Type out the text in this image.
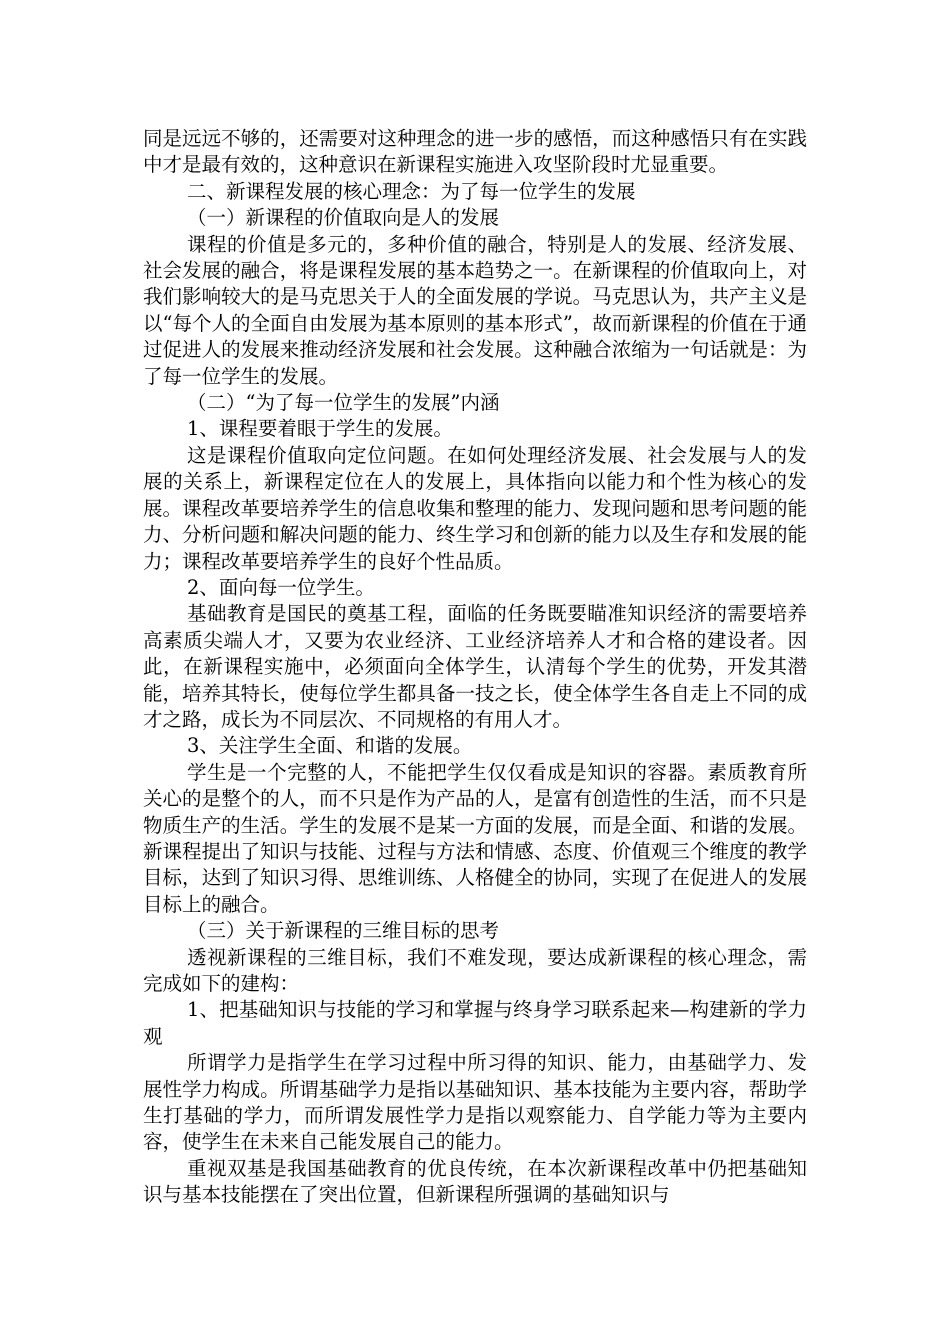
同是远远不够的，还需要对这种理念的进一步的感悟，而这种感悟只有在实践中才是最有效的，这种意识在新课程实施进入攻坚阶段时尤显重要。

二、新课程发展的核心理念：为了每一位学生的发展

（一）新课程的价值取向是人的发展

课程的价值是多元的，多种价值的融合，特别是人的发展、经济发展、社会发展的融合，将是课程发展的基本趋势之一。在新课程的价值取向上，对我们影响较大的是马克思关于人的全面发展的学说。马克思认为，共产主义是以“每个人的全面自由发展为基本原则的基本形式”，故而新课程的价值在于通过促进人的发展来推动经济发展和社会发展。这种融合浓缩为一句话就是：为了每一位学生的发展。

（二）“为了每一位学生的发展”内涵

1、课程要着眼于学生的发展。

这是课程价值取向定位问题。在如何处理经济发展、社会发展与人的发展的关系上，新课程定位在人的发展上，具体指向以能力和个性为核心的发展。课程改革要培养学生的信息收集和整理的能力、发现问题和思考问题的能力、分析问题和解决问题的能力、终生学习和创新的能力以及生存和发展的能力；课程改革要培养学生的良好个性品质。

2、面向每一位学生。

基础教育是国民的奠基工程，面临的任务既要瞄准知识经济的需要培养高素质尖端人才，又要为农业经济、工业经济培养人才和合格的建设者。因此，在新课程实施中，必须面向全体学生，认清每个学生的优势，开发其潜能，培养其特长，使每位学生都具备一技之长，使全体学生各自走上不同的成才之路，成长为不同层次、不同规格的有用人才。

3、关注学生全面、和谐的发展。

学生是一个完整的人，不能把学生仅仅看成是知识的容器。素质教育所关心的是整个的人，而不只是作为产品的人，是富有创造性的生活，而不只是物质生产的生活。学生的发展不是某一方面的发展，而是全面、和谐的发展。新课程提出了知识与技能、过程与方法和情感、态度、价值观三个维度的教学目标，达到了知识习得、思维训练、人格健全的协同，实现了在促进人的发展目标上的融合。

（三）关于新课程的三维目标的思考

透视新课程的三维目标，我们不难发现，要达成新课程的核心理念，需完成如下的建构：

1、把基础知识与技能的学习和掌握与终身学习联系起来—构建新的学力观

所谓学力是指学生在学习过程中所习得的知识、能力，由基础学力、发展性学力构成。所谓基础学力是指以基础知识、基本技能为主要内容，帮助学生打基础的学力，而所谓发展性学力是指以观察能力、自学能力等为主要内容，使学生在未来自己能发展自己的能力。

重视双基是我国基础教育的优良传统，在本次新课程改革中仍把基础知识与基本技能摆在了突出位置，但新课程所强调的基础知识与
